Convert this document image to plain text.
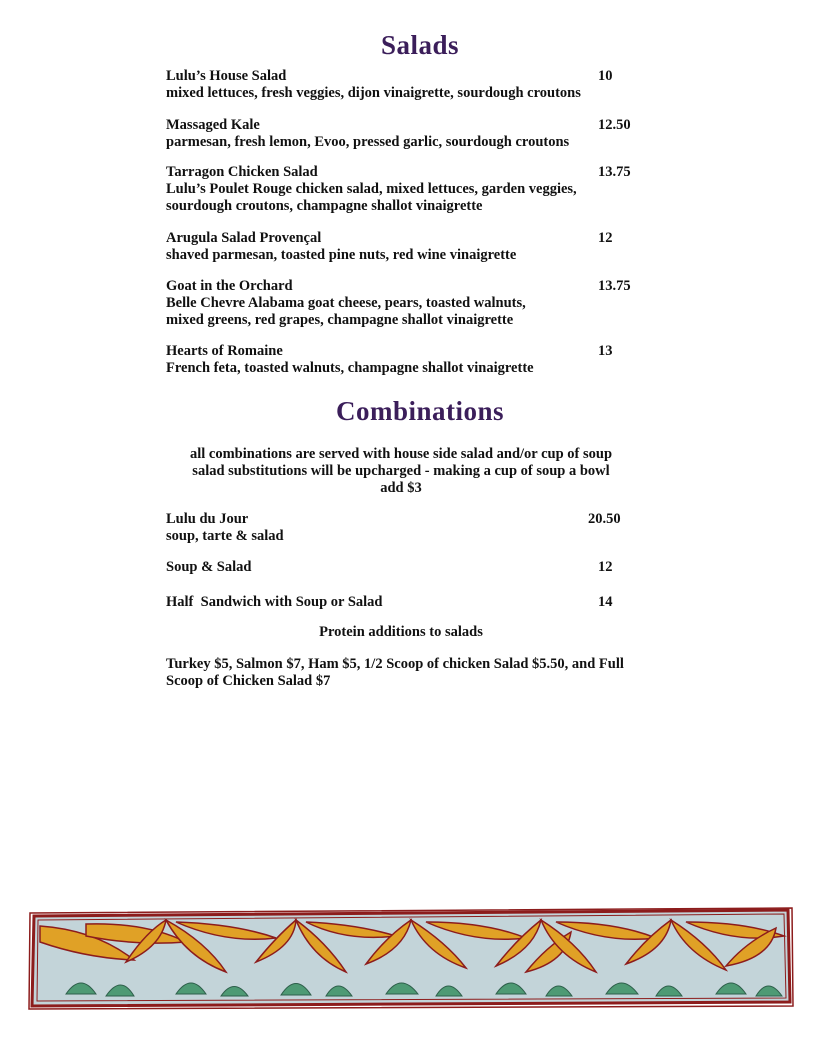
Salads
Lulu’s House Salad	10
mixed lettuces, fresh veggies, dijon vinaigrette, sourdough croutons
Massaged Kale	12.50
parmesan, fresh lemon, Evoo, pressed garlic, sourdough croutons
Tarragon Chicken Salad	13.75
Lulu’s Poulet Rouge chicken salad, mixed lettuces, garden veggies,
sourdough croutons, champagne shallot vinaigrette
Arugula Salad Provençal	12
shaved parmesan, toasted pine nuts, red wine vinaigrette
Goat in the Orchard	13.75
Belle Chevre Alabama goat cheese, pears, toasted walnuts,
mixed greens, red grapes, champagne shallot vinaigrette
Hearts of Romaine	13
French feta, toasted walnuts, champagne shallot vinaigrette
Combinations
all combinations are served with house side salad and/or cup of soup
salad substitutions will be upcharged - making a cup of soup a bowl
add $3
Lulu du Jour	20.50
soup, tarte & salad
Soup & Salad	12
Half  Sandwich with Soup or Salad	14
Protein additions to salads
Turkey $5, Salmon $7, Ham $5, 1/2 Scoop of chicken Salad $5.50, and Full
Scoop of Chicken Salad $7
